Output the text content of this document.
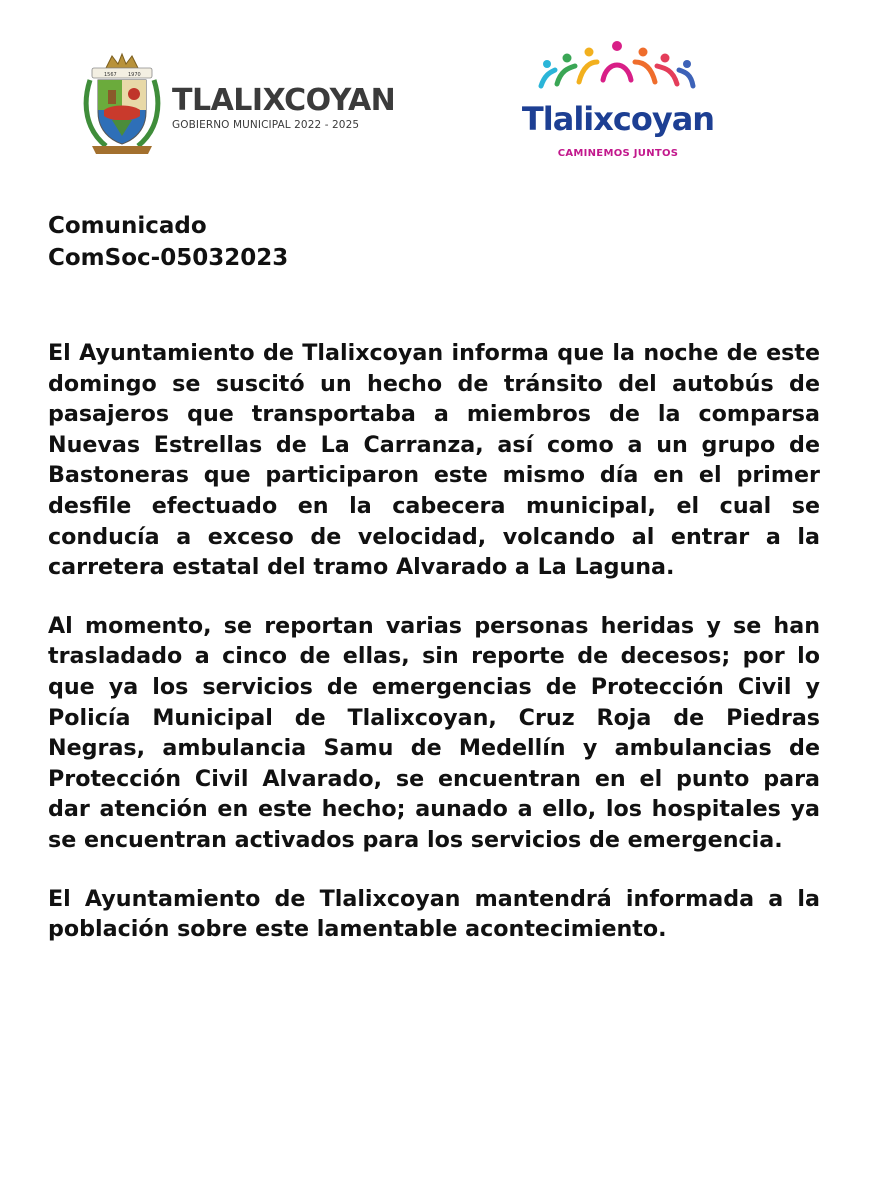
1567 1970
TLALIXCOYAN
GOBIERNO MUNICIPAL 2022 - 2025	Tlalixcoyan
CAMINEMOS JUNTOS

Comunicado

ComSoc-05032023

El Ayuntamiento de Tlalixcoyan informa que la noche de este domingo se suscitó un hecho de tránsito del autobús de pasajeros que transportaba a miembros de la comparsa Nuevas Estrellas de La Carranza, así como a un grupo de Bastoneras que participaron este mismo día en el primer desfile efectuado en la cabecera municipal, el cual se conducía a exceso de velocidad, volcando al entrar a la carretera estatal del tramo Alvarado a La Laguna.

Al momento, se reportan varias personas heridas y se han trasladado a cinco de ellas, sin reporte de decesos; por lo que ya los servicios de emergencias de Protección Civil y Policía Municipal de Tlalixcoyan, Cruz Roja de Piedras Negras, ambulancia Samu de Medellín y ambulancias de Protección Civil Alvarado, se encuentran en el punto para dar atención en este hecho; aunado a ello, los hospitales ya se encuentran activados para los servicios de emergencia.

El Ayuntamiento de Tlalixcoyan mantendrá informada a la población sobre este lamentable acontecimiento.
